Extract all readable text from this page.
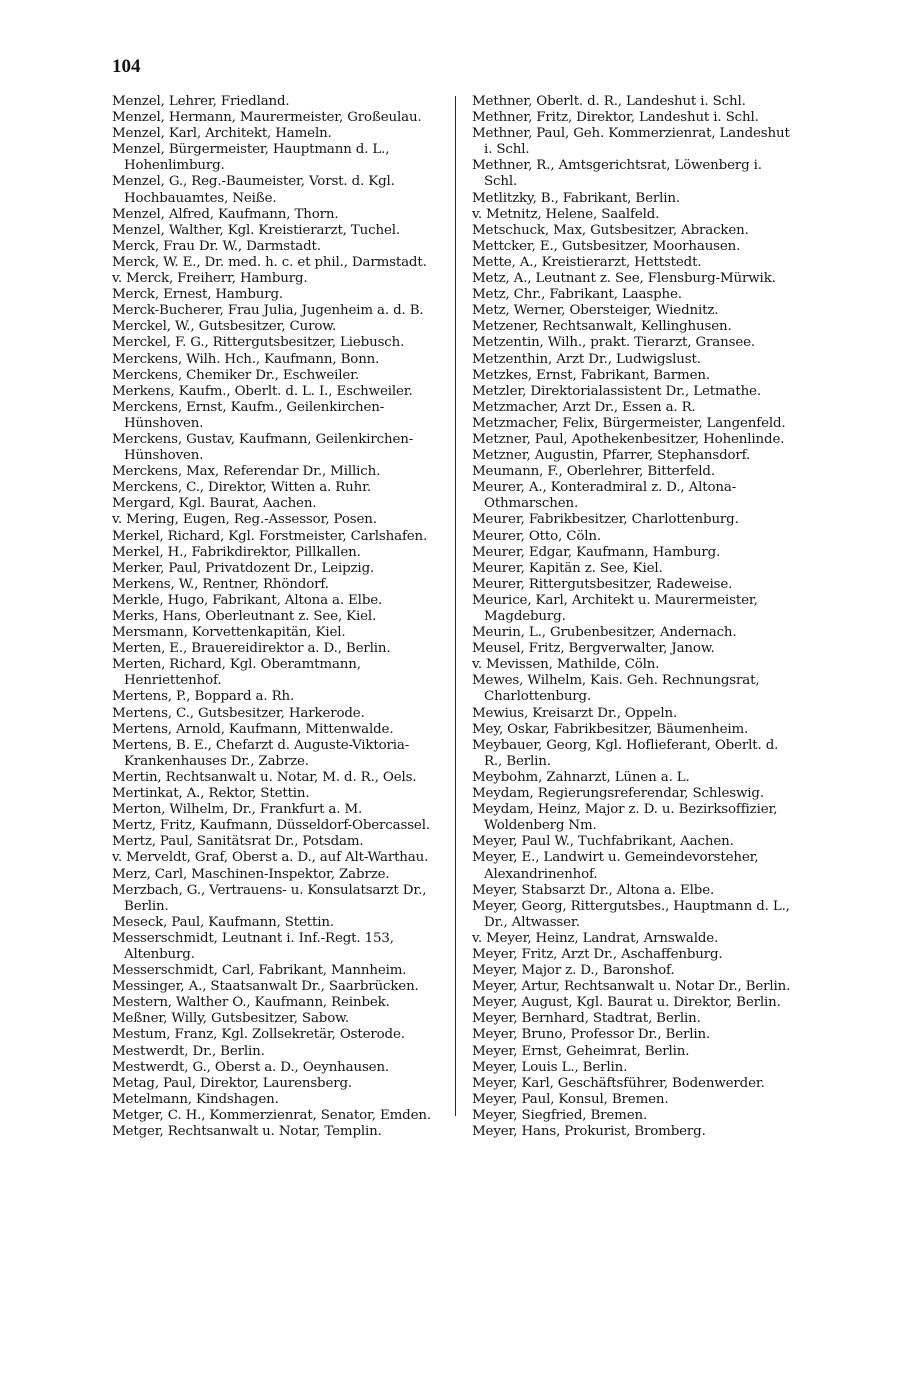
104
Menzel, Lehrer, Friedland.
Menzel, Hermann, Maurermeister, Großeulau.
Menzel, Karl, Architekt, Hameln.
Menzel, Bürgermeister, Hauptmann d. L., Hohenlimburg.
Menzel, G., Reg.-Baumeister, Vorst. d. Kgl. Hochbauamtes, Neiße.
Menzel, Alfred, Kaufmann, Thorn.
Menzel, Walther, Kgl. Kreistierarzt, Tuchel.
Merck, Frau Dr. W., Darmstadt.
Merck, W. E., Dr. med. h. c. et phil., Darmstadt.
v. Merck, Freiherr, Hamburg.
Merck, Ernest, Hamburg.
Merck-Bucherer, Frau Julia, Jugenheim a. d. B.
Merckel, W., Gutsbesitzer, Curow.
Merckel, F. G., Rittergutsbesitzer, Liebusch.
Merckens, Wilh. Hch., Kaufmann, Bonn.
Merckens, Chemiker Dr., Eschweiler.
Merkens, Kaufm., Oberlt. d. L. I., Eschweiler.
Merckens, Ernst, Kaufm., Geilenkirchen-Hünshoven.
Merckens, Gustav, Kaufmann, Geilenkirchen-Hünshoven.
Merckens, Max, Referendar Dr., Millich.
Merckens, C., Direktor, Witten a. Ruhr.
Mergard, Kgl. Baurat, Aachen.
v. Mering, Eugen, Reg.-Assessor, Posen.
Merkel, Richard, Kgl. Forstmeister, Carlshafen.
Merkel, H., Fabrikdirektor, Pillkallen.
Merker, Paul, Privatdozent Dr., Leipzig.
Merkens, W., Rentner, Rhöndorf.
Merkle, Hugo, Fabrikant, Altona a. Elbe.
Merks, Hans, Oberleutnant z. See, Kiel.
Mersmann, Korvettenkapitän, Kiel.
Merten, E., Brauereidirektor a. D., Berlin.
Merten, Richard, Kgl. Oberamtmann, Henriettenhof.
Mertens, P., Boppard a. Rh.
Mertens, C., Gutsbesitzer, Harkerode.
Mertens, Arnold, Kaufmann, Mittenwalde.
Mertens, B. E., Chefarzt d. Auguste-Viktoria-Krankenhauses Dr., Zabrze.
Mertin, Rechtsanwalt u. Notar, M. d. R., Oels.
Mertinkat, A., Rektor, Stettin.
Merton, Wilhelm, Dr., Frankfurt a. M.
Mertz, Fritz, Kaufmann, Düsseldorf-Obercassel.
Mertz, Paul, Sanitätsrat Dr., Potsdam.
v. Merveldt, Graf, Oberst a. D., auf Alt-Warthau.
Merz, Carl, Maschinen-Inspektor, Zabrze.
Merzbach, G., Vertrauens- u. Konsulatsarzt Dr., Berlin.
Meseck, Paul, Kaufmann, Stettin.
Messerschmidt, Leutnant i. Inf.-Regt. 153, Altenburg.
Messerschmidt, Carl, Fabrikant, Mannheim.
Messinger, A., Staatsanwalt Dr., Saarbrücken.
Mestern, Walther O., Kaufmann, Reinbek.
Meßner, Willy, Gutsbesitzer, Sabow.
Mestum, Franz, Kgl. Zollsekretär, Osterode.
Mestwerdt, Dr., Berlin.
Mestwerdt, G., Oberst a. D., Oeynhausen.
Metag, Paul, Direktor, Laurensberg.
Metelmann, Kindshagen.
Metger, C. H., Kommerzienrat, Senator, Emden.
Metger, Rechtsanwalt u. Notar, Templin.
Methner, Oberlt. d. R., Landeshut i. Schl.
Methner, Fritz, Direktor, Landeshut i. Schl.
Methner, Paul, Geh. Kommerzienrat, Landeshut i. Schl.
Methner, R., Amtsgerichtsrat, Löwenberg i. Schl.
Metlitzky, B., Fabrikant, Berlin.
v. Metnitz, Helene, Saalfeld.
Metschuck, Max, Gutsbesitzer, Abracken.
Mettcker, E., Gutsbesitzer, Moorhausen.
Mette, A., Kreistierarzt, Hettstedt.
Metz, A., Leutnant z. See, Flensburg-Mürwik.
Metz, Chr., Fabrikant, Laasphe.
Metz, Werner, Obersteiger, Wiednitz.
Metzener, Rechtsanwalt, Kellinghusen.
Metzentin, Wilh., prakt. Tierarzt, Gransee.
Metzenthin, Arzt Dr., Ludwigslust.
Metzkes, Ernst, Fabrikant, Barmen.
Metzler, Direktorialassistent Dr., Letmathe.
Metzmacher, Arzt Dr., Essen a. R.
Metzmacher, Felix, Bürgermeister, Langenfeld.
Metzner, Paul, Apothekenbesitzer, Hohenlinde.
Metzner, Augustin, Pfarrer, Stephansdorf.
Meumann, F., Oberlehrer, Bitterfeld.
Meurer, A., Konteradmiral z. D., Altona-Othmarschen.
Meurer, Fabrikbesitzer, Charlottenburg.
Meurer, Otto, Cöln.
Meurer, Edgar, Kaufmann, Hamburg.
Meurer, Kapitän z. See, Kiel.
Meurer, Rittergutsbesitzer, Radeweise.
Meurice, Karl, Architekt u. Maurermeister, Magdeburg.
Meurin, L., Grubenbesitzer, Andernach.
Meusel, Fritz, Bergverwalter, Janow.
v. Mevissen, Mathilde, Cöln.
Mewes, Wilhelm, Kais. Geh. Rechnungsrat, Charlottenburg.
Mewius, Kreisarzt Dr., Oppeln.
Mey, Oskar, Fabrikbesitzer, Bäumenheim.
Meybauer, Georg, Kgl. Hoflieferant, Oberlt. d. R., Berlin.
Meybohm, Zahnarzt, Lünen a. L.
Meydam, Regierungsreferendar, Schleswig.
Meydam, Heinz, Major z. D. u. Bezirksoffizier, Woldenberg Nm.
Meyer, Paul W., Tuchfabrikant, Aachen.
Meyer, E., Landwirt u. Gemeindevorsteher, Alexandrinenhof.
Meyer, Stabsarzt Dr., Altona a. Elbe.
Meyer, Georg, Rittergutsbes., Hauptmann d. L., Dr., Altwasser.
v. Meyer, Heinz, Landrat, Arnswalde.
Meyer, Fritz, Arzt Dr., Aschaffenburg.
Meyer, Major z. D., Baronshof.
Meyer, Artur, Rechtsanwalt u. Notar Dr., Berlin.
Meyer, August, Kgl. Baurat u. Direktor, Berlin.
Meyer, Bernhard, Stadtrat, Berlin.
Meyer, Bruno, Professor Dr., Berlin.
Meyer, Ernst, Geheimrat, Berlin.
Meyer, Louis L., Berlin.
Meyer, Karl, Geschäftsführer, Bodenwerder.
Meyer, Paul, Konsul, Bremen.
Meyer, Siegfried, Bremen.
Meyer, Hans, Prokurist, Bromberg.
